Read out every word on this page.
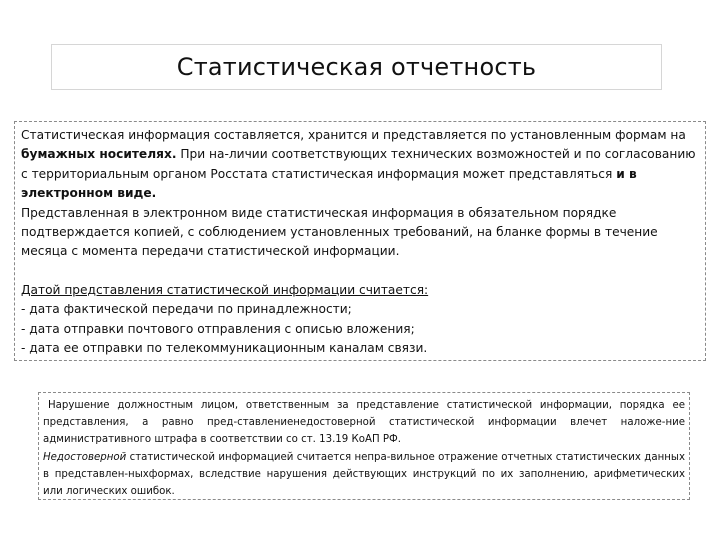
Статистическая отчетность

Статистическая информация составляется, хранится и представляется по установленным формам на бумажных носителях. При на-личии соответствующих технических возможностей и по согласованию с территориальным органом Росстата статистическая информация может представляться и в электронном виде.

Представленная в электронном виде статистическая информация в обязательном порядке подтверждается копией, с соблюдением установленных требований, на бланке формы в течение месяца с момента передачи статистической информации.

Датой представления статистической информации считается:

- дата фактической передачи по принадлежности;

- дата отправки почтового отправления с описью вложения;

- дата ее отправки по телекоммуникационным каналам связи.

Нарушение должностным лицом, ответственным за представление статистической информации, порядка ее представления, а равно пред-ставлениенедостоверной статистической информации влечет наложе-ние административного штрафа в соответствии со ст. 13.19 КоАП РФ.

Недостоверной статистической информацией считается непра-вильное отражение отчетных статистических данных в представлен-ныхформах, вследствие нарушения действующих инструкций по их заполнению, арифметических или логических ошибок.
